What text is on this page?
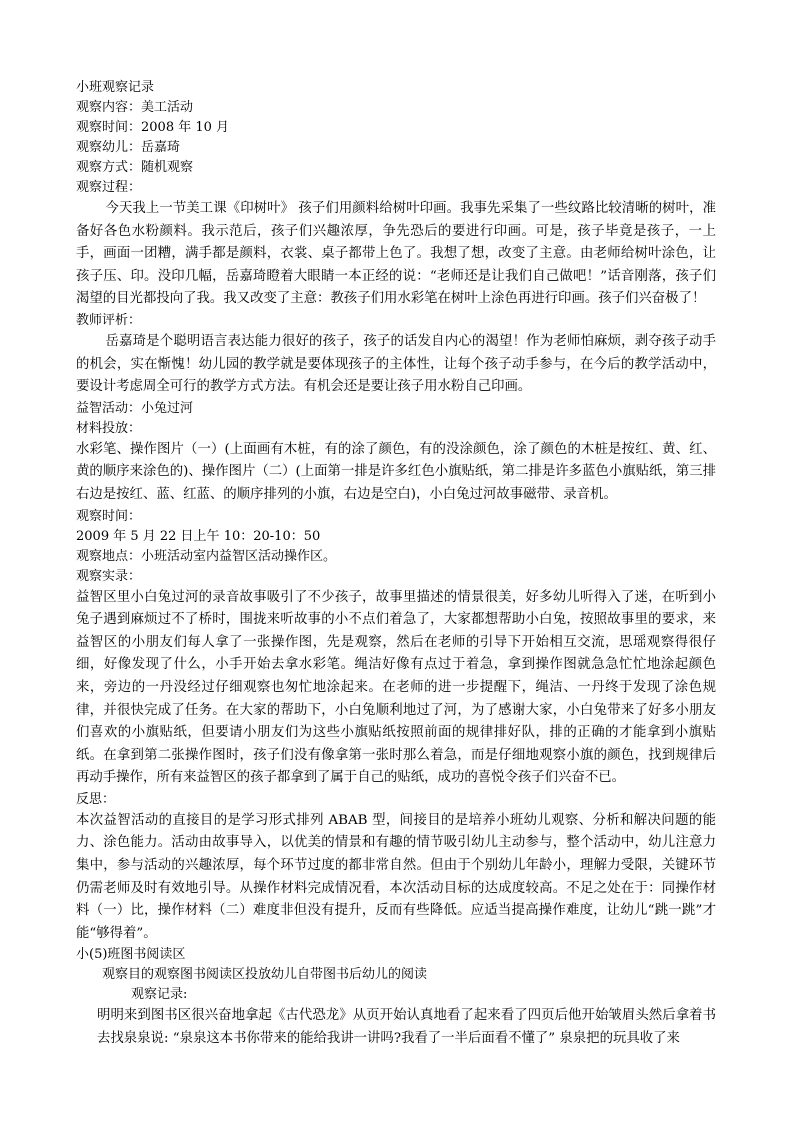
小班观察记录
观察内容：美工活动
观察时间：2008 年 10 月
观察幼儿：岳嘉琦
观察方式：随机观察
观察过程：
今天我上一节美工课《印树叶》 孩子们用颜料给树叶印画。我事先采集了一些纹路比较清晰的树叶，准备好各色水粉颜料。我示范后，孩子们兴趣浓厚，争先恐后的要进行印画。可是，孩子毕竟是孩子，一上手，画面一团糟，满手都是颜料，衣裳、桌子都带上色了。我想了想，改变了主意。由老师给树叶涂色，让孩子压、印。没印几幅，岳嘉琦瞪着大眼睛一本正经的说：“老师还是让我们自己做吧！”话音刚落，孩子们渴望的目光都投向了我。我又改变了主意：教孩子们用水彩笔在树叶上涂色再进行印画。孩子们兴奋极了！
教师评析：
岳嘉琦是个聪明语言表达能力很好的孩子，孩子的话发自内心的渴望！作为老师怕麻烦，剥夺孩子动手的机会，实在惭愧！幼儿园的教学就是要体现孩子的主体性，让每个孩子动手参与，在今后的教学活动中，要设计考虑周全可行的教学方式方法。有机会还是要让孩子用水粉自己印画。
益智活动：小兔过河
材料投放：
水彩笔、操作图片（一）(上面画有木桩，有的涂了颜色，有的没涂颜色，涂了颜色的木桩是按红、黄、红、黄的顺序来涂色的)、操作图片（二）(上面第一排是许多红色小旗贴纸，第二排是许多蓝色小旗贴纸，第三排右边是按红、蓝、红蓝、的顺序排列的小旗，右边是空白)，小白兔过河故事磁带、录音机。
观察时间：
2009 年 5 月 22 日上午 10：20-10：50
观察地点：小班活动室内益智区活动操作区。
观察实录：
益智区里小白兔过河的录音故事吸引了不少孩子，故事里描述的情景很美，好多幼儿听得入了迷，在听到小兔子遇到麻烦过不了桥时，围拢来听故事的小不点们着急了，大家都想帮助小白兔，按照故事里的要求，来益智区的小朋友们每人拿了一张操作图，先是观察，然后在老师的引导下开始相互交流，思瑶观察得很仔细，好像发现了什么，小手开始去拿水彩笔。绳洁好像有点过于着急，拿到操作图就急急忙忙地涂起颜色来，旁边的一丹没经过仔细观察也匆忙地涂起来。在老师的进一步提醒下，绳洁、一丹终于发现了涂色规律，并很快完成了任务。在大家的帮助下，小白兔顺利地过了河，为了感谢大家，小白兔带来了好多小朋友们喜欢的小旗贴纸，但要请小朋友们为这些小旗贴纸按照前面的规律排好队，排的正确的才能拿到小旗贴纸。在拿到第二张操作图时，孩子们没有像拿第一张时那么着急，而是仔细地观察小旗的颜色，找到规律后再动手操作，所有来益智区的孩子都拿到了属于自己的贴纸，成功的喜悦令孩子们兴奋不已。
反思：
本次益智活动的直接目的是学习形式排列 ABAB 型，间接目的是培养小班幼儿观察、分析和解决问题的能力、涂色能力。活动由故事导入，以优美的情景和有趣的情节吸引幼儿主动参与，整个活动中，幼儿注意力集中，参与活动的兴趣浓厚，每个环节过度的都非常自然。但由于个别幼儿年龄小，理解力受限，关键环节仍需老师及时有效地引导。从操作材料完成情况看，本次活动目标的达成度较高。不足之处在于：同操作材料（一）比，操作材料（二）难度非但没有提升，反而有些降低。应适当提高操作难度，让幼儿“跳一跳”才能“够得着”。
小(5)班图书阅读区
观察目的观察图书阅读区投放幼儿自带图书后幼儿的阅读
观察记录:
明明来到图书区很兴奋地拿起《古代恐龙》从页开始认真地看了起来看了四页后他开始皱眉头然后拿着书去找泉泉说: “泉泉这本书你带来的能给我讲一讲吗?我看了一半后面看不懂了” 泉泉把的玩具收了来
